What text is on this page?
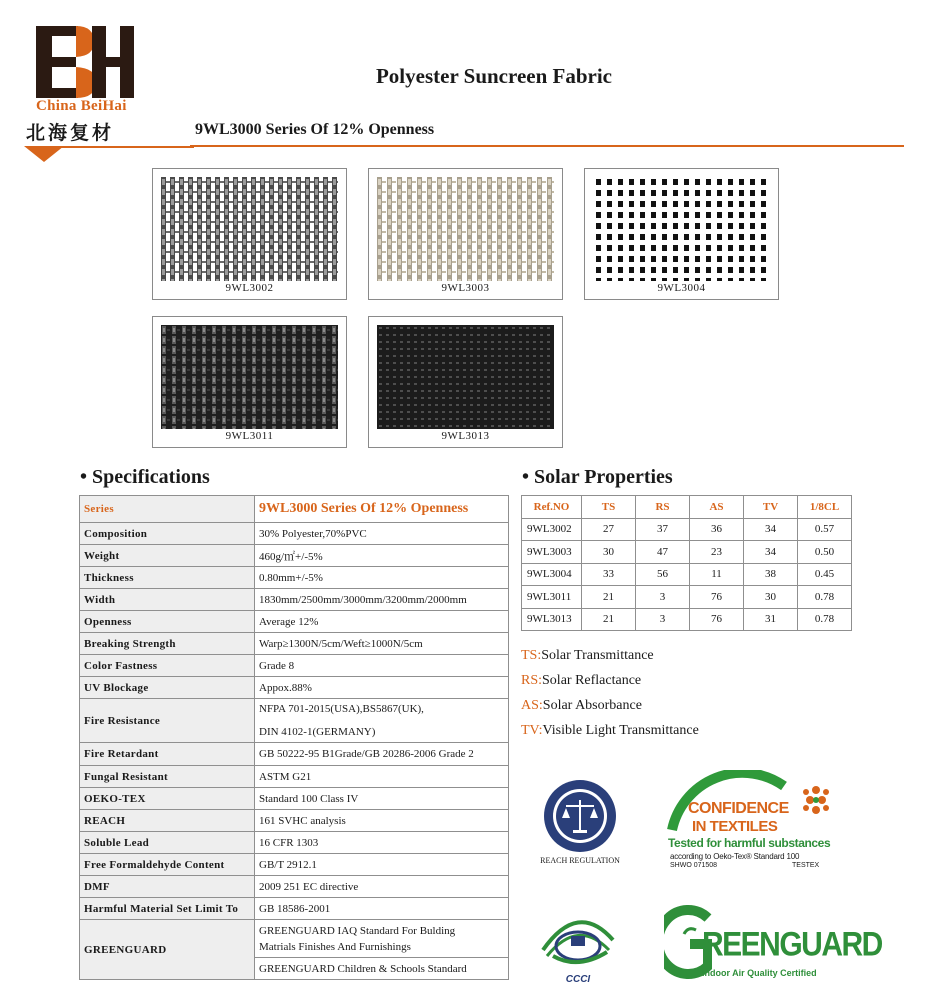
China BeiHai
北海复材
Polyester Suncreen Fabric
9WL3000 Series Of 12% Openness
9WL3002	9WL3003	9WL3004
9WL3011	9WL3013
• Specifications
Series	9WL3000 Series Of 12% Openness
Composition	30% Polyester,70%PVC
Weight	460g/㎡+/-5%
Thickness	0.80mm+/-5%
Width	1830mm/2500mm/3000mm/3200mm/2000mm
Openness	Average 12%
Breaking Strength	Warp≥1300N/5cm/Weft≥1000N/5cm
Color Fastness	Grade 8
UV Blockage	Appox.88%
Fire Resistance	NFPA 701-2015(USA),BS5867(UK),
DIN 4102-1(GERMANY)

Fire Retardant	GB 50222-95 B1Grade/GB 20286-2006 Grade 2
Fungal Resistant	ASTM G21
OEKO-TEX	Standard 100 Class IV
REACH	161 SVHC analysis
Soluble Lead	16 CFR 1303
Free Formaldehyde Content	GB/T 2912.1
DMF	2009 251 EC directive
Harmful Material Set Limit To	GB 18586-2001
GREENGUARD	GREENGUARD IAQ Standard For Bulding
Matrials Finishes And Furnishings

	GREENGUARD Children & Schools Standard
• Solar Properties
Ref.NO	TS	RS	AS	TV	1/8CL
9WL3002	27	37	36	34	0.57
9WL3003	30	47	23	34	0.50
9WL3004	33	56	11	38	0.45
9WL3011	21	3	76	30	0.78
9WL3013	21	3	76	31	0.78
TS:Solar Transmittance
RS:Solar Reflactance
AS:Solar Absorbance
TV:Visible Light Transmittance
REACH REGULATION
CONFIDENCE
IN TEXTILES
Tested for harmful substances
according to Oeko-Tex® Standard 100
SHWO 071508	TESTEX
CCCI
REENGUARD
Indoor Air Quality Certified
